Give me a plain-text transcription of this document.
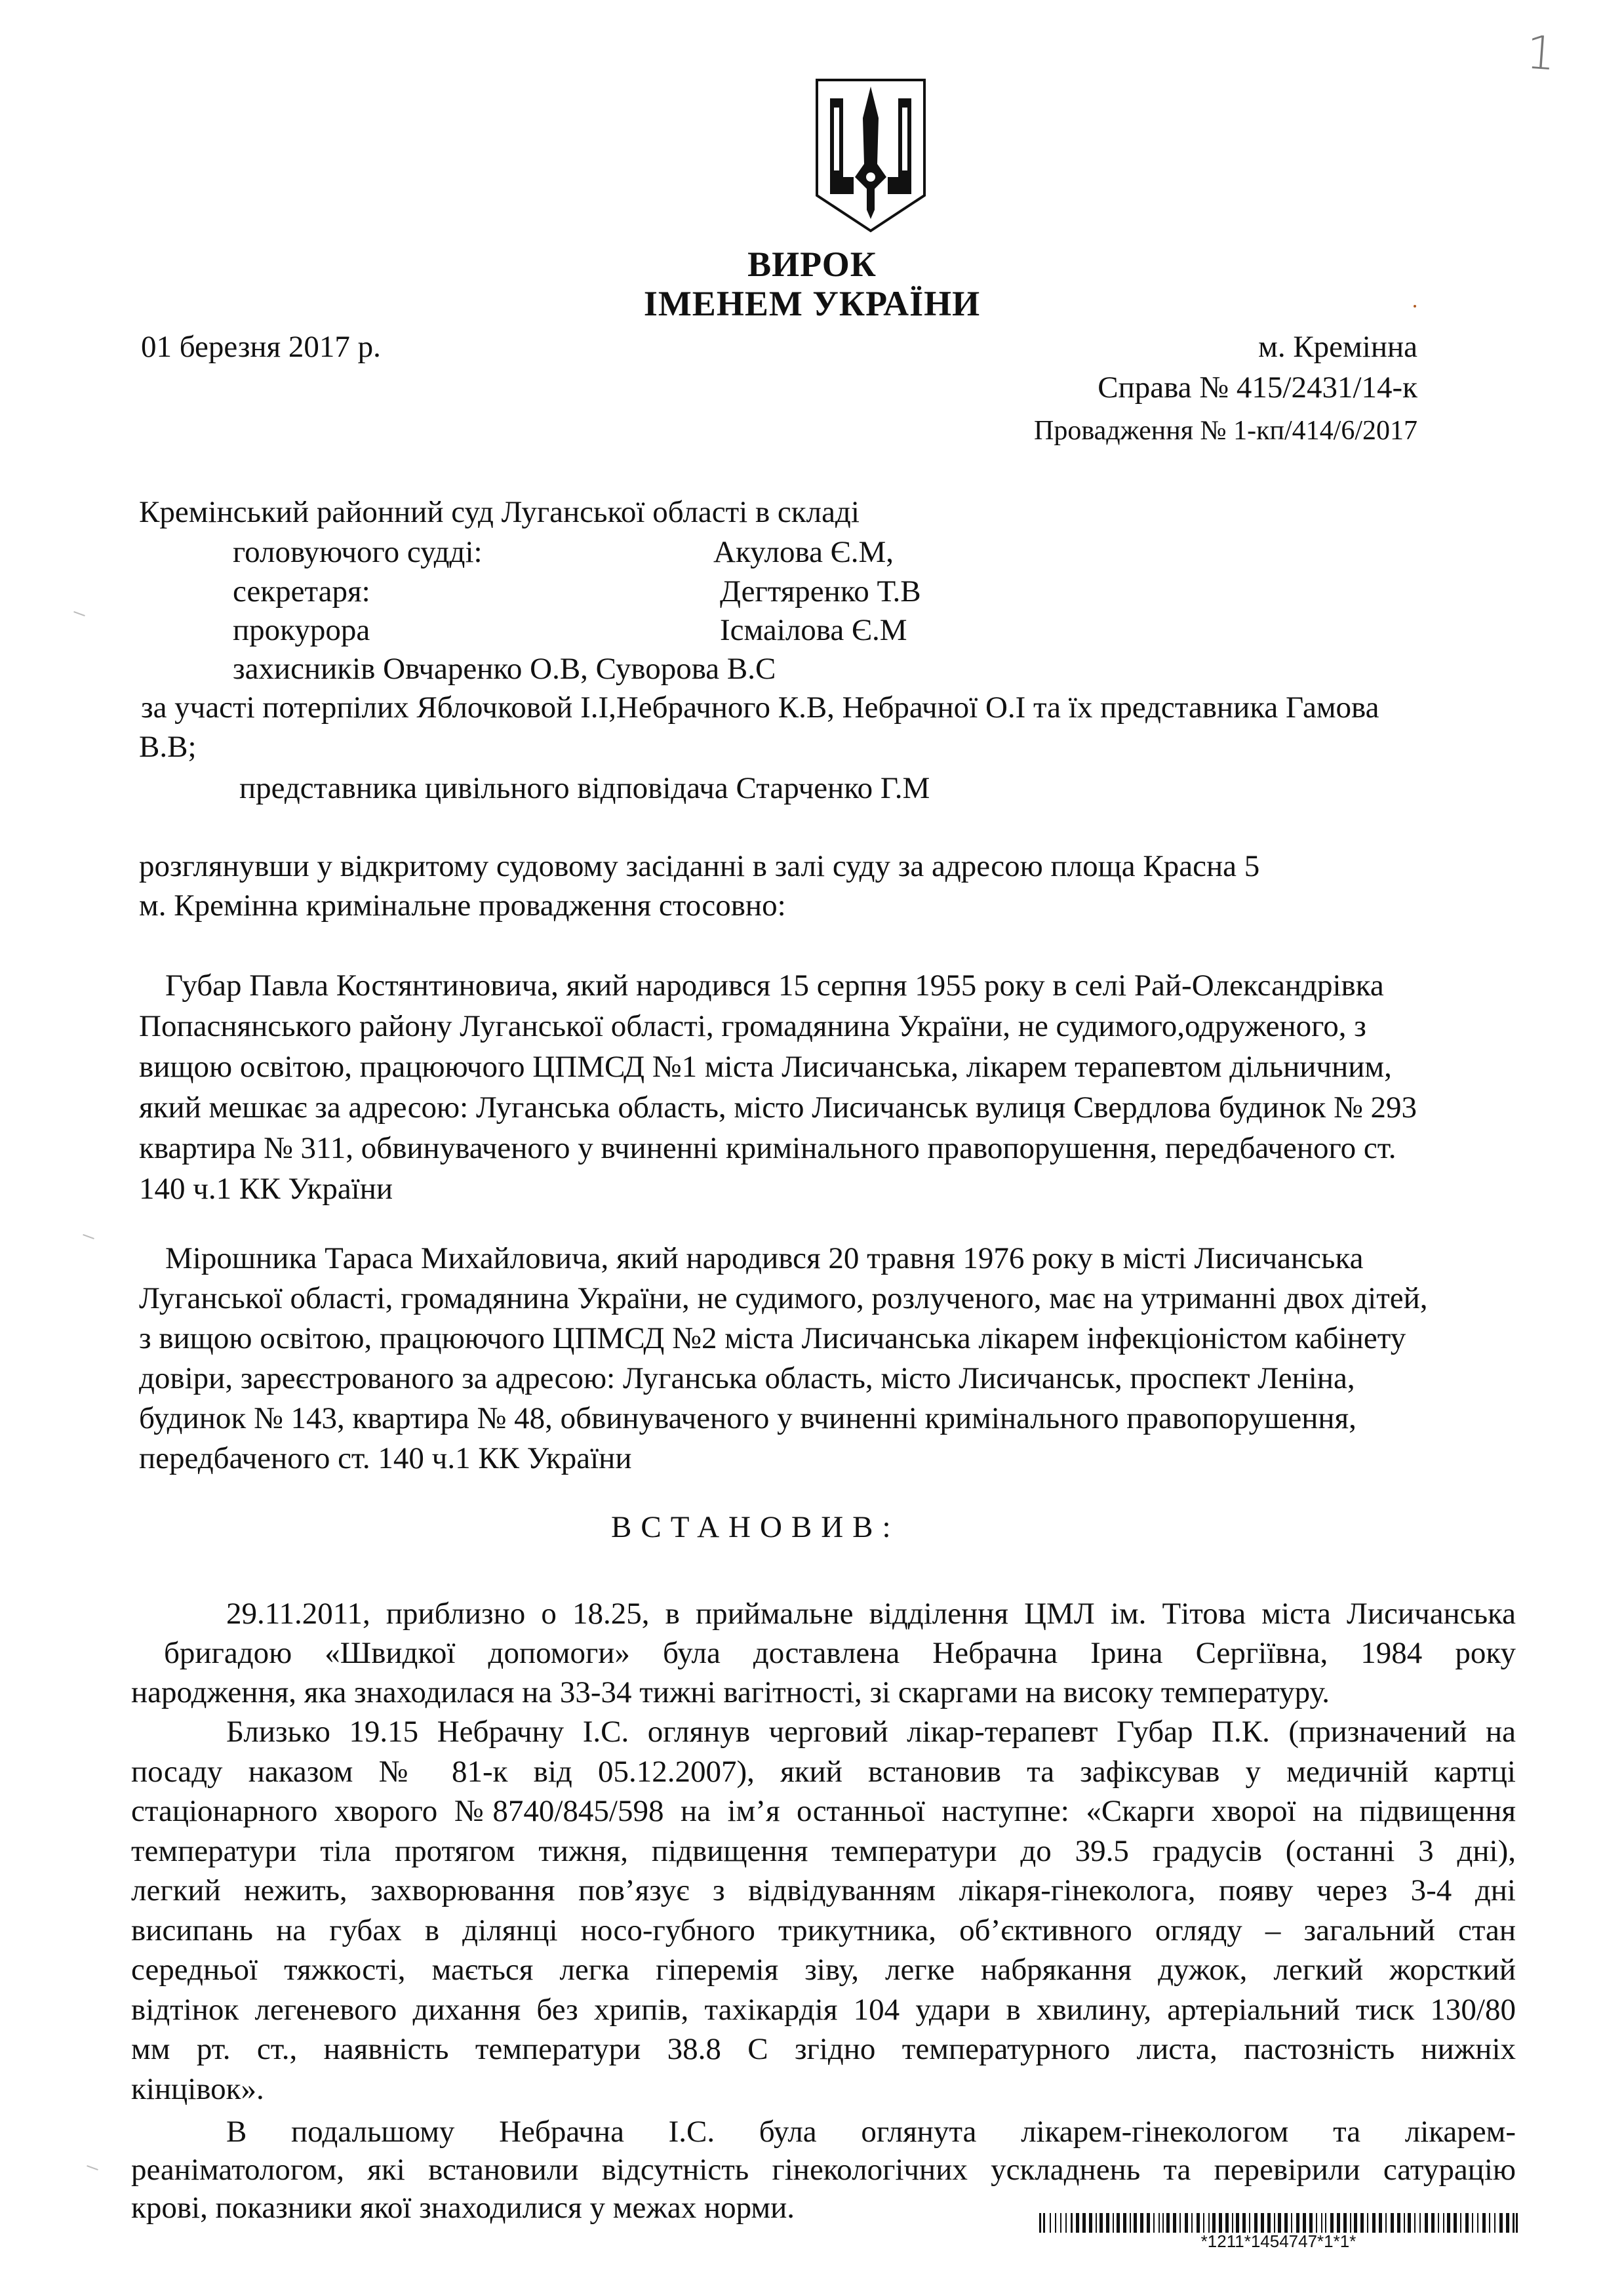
1
ВИРОК
ІМЕНЕМ УКРАЇНИ
01 березня 2017 р.	м. Кремінна
Справа № 415/2431/14-к
Провадження № 1-кп/414/6/2017
Кремінський районний суд Луганської області в складі
головуючого судді:	Акулова Є.М,
секретаря:	Дегтяренко Т.В
прокурора	Ісмаілова Є.М
захисників Овчаренко О.В, Суворова В.С
за участі потерпілих Яблочковой І.І,Небрачного К.В, Небрачної О.І та їх представника Гамова
В.В;
представника цивільного відповідача Старченко Г.М
розглянувши у відкритому судовому засіданні в залі суду за адресою площа Красна 5
м. Кремінна кримінальне провадження стосовно:
Губар Павла Костянтиновича, який народився 15 серпня 1955 року в селі Рай-Олександрівка
Попаснянського району Луганської області, громадянина України, не судимого,одруженого, з
вищою освітою, працюючого ЦПМСД №1 міста Лисичанська, лікарем терапевтом дільничним,
який мешкає за адресою: Луганська область, місто Лисичанськ вулиця Свердлова будинок № 293
квартира № 311, обвинуваченого у вчиненні кримінального правопорушення, передбаченого ст.
140 ч.1 КК України
Мірошника Тараса Михайловича, який народився 20 травня 1976 року в місті Лисичанська
Луганської області, громадянина України, не судимого, розлученого, має на утриманні двох дітей,
з вищою освітою, працюючого ЦПМСД №2 міста Лисичанська лікарем інфекціоністом кабінету
довіри, зареєстрованого за адресою: Луганська область, місто Лисичанськ, проспект Леніна,
будинок № 143, квартира № 48, обвинуваченого у вчиненні кримінального правопорушення,
передбаченого ст. 140 ч.1 КК України
ВСТАНОВИВ:
29.11.2011, приблизно о 18.25, в приймальне відділення ЦМЛ ім. Тітова міста Лисичанська
бригадою «Швидкої допомоги» була доставлена Небрачна Ірина Сергіївна, 1984 року
народження, яка знаходилася на 33-34 тижні вагітності, зі скаргами на високу температуру.
Близько 19.15 Небрачну І.С. оглянув черговий лікар-терапевт Губар П.К. (призначений на
посаду наказом № 81-к від 05.12.2007), який встановив та зафіксував у медичній картці
стаціонарного хворого №8740/845/598 на ім’я останньої наступне: «Скарги хворої на підвищення
температури тіла протягом тижня, підвищення температури до 39.5 градусів (останні 3 дні),
легкий нежить, захворювання пов’язує з відвідуванням лікаря-гінеколога, появу через 3-4 дні
висипань на губах в ділянці носо-губного трикутника, об’єктивного огляду – загальний стан
середньої тяжкості, мається легка гіперемія зіву, легке набрякання дужок, легкий жорсткий
відтінок легеневого дихання без хрипів, тахікардія 104 удари в хвилину, артеріальний тиск 130/80
мм рт. ст., наявність температури 38.8 С згідно температурного листа, пастозність нижніх
кінцівок».
В подальшому Небрачна І.С. була оглянута лікарем-гінекологом та лікарем-
реаніматологом, які встановили відсутність гінекологічних ускладнень та перевірили сатурацію
крові, показники якої знаходилися у межах норми.
*1211*1454747*1*1*
